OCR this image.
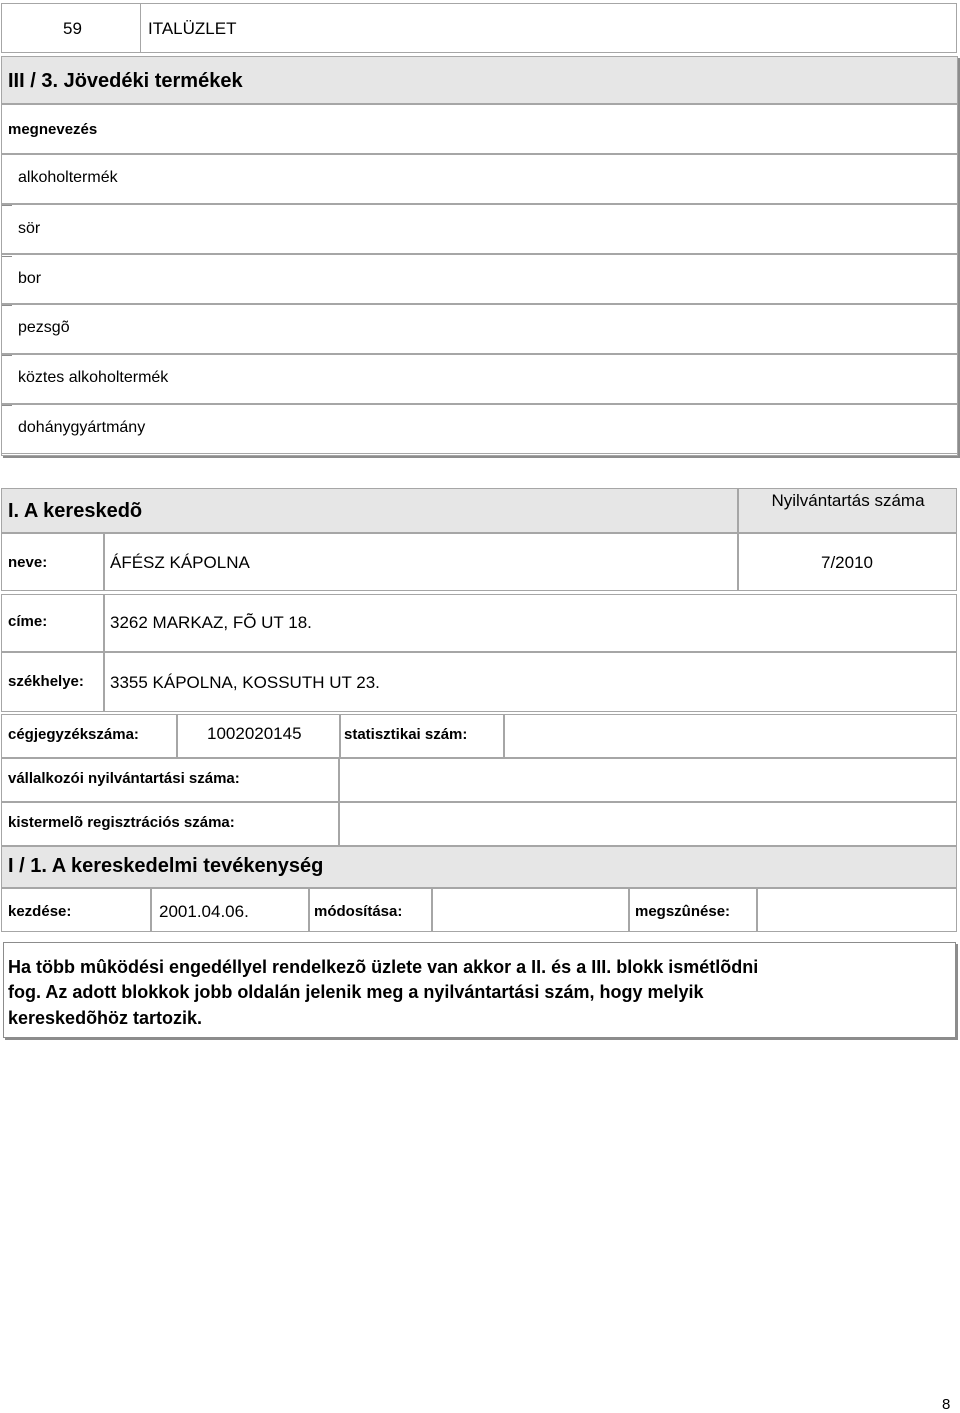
59	ITALÜZLET
III / 3. Jövedéki termékek
megnevezés
alkoholtermék
sör
bor
pezsgõ
köztes alkoholtermék
dohánygyártmány
I. A kereskedõ	Nyilvántartás száma
neve:	ÁFÉSZ KÁPOLNA	7/2010
címe:	3262 MARKAZ, FÕ UT 18.
székhelye: 3355 KÁPOLNA, KOSSUTH UT 23.
cégjegyzékszáma:	1002020145	statisztikai szám:
vállalkozói nyilvántartási száma:
kistermelõ regisztrációs száma:
I / 1. A kereskedelmi tevékenység
kezdése:	2001.04.06.	módosítása:	megszûnése:
Ha több mûködési engedéllyel rendelkezõ üzlete van akkor a II. és a III. blokk ismétlõdni
fog. Az adott blokkok jobb oldalán jelenik meg a nyilvántartási szám, hogy melyik
kereskedõhöz tartozik.
8
